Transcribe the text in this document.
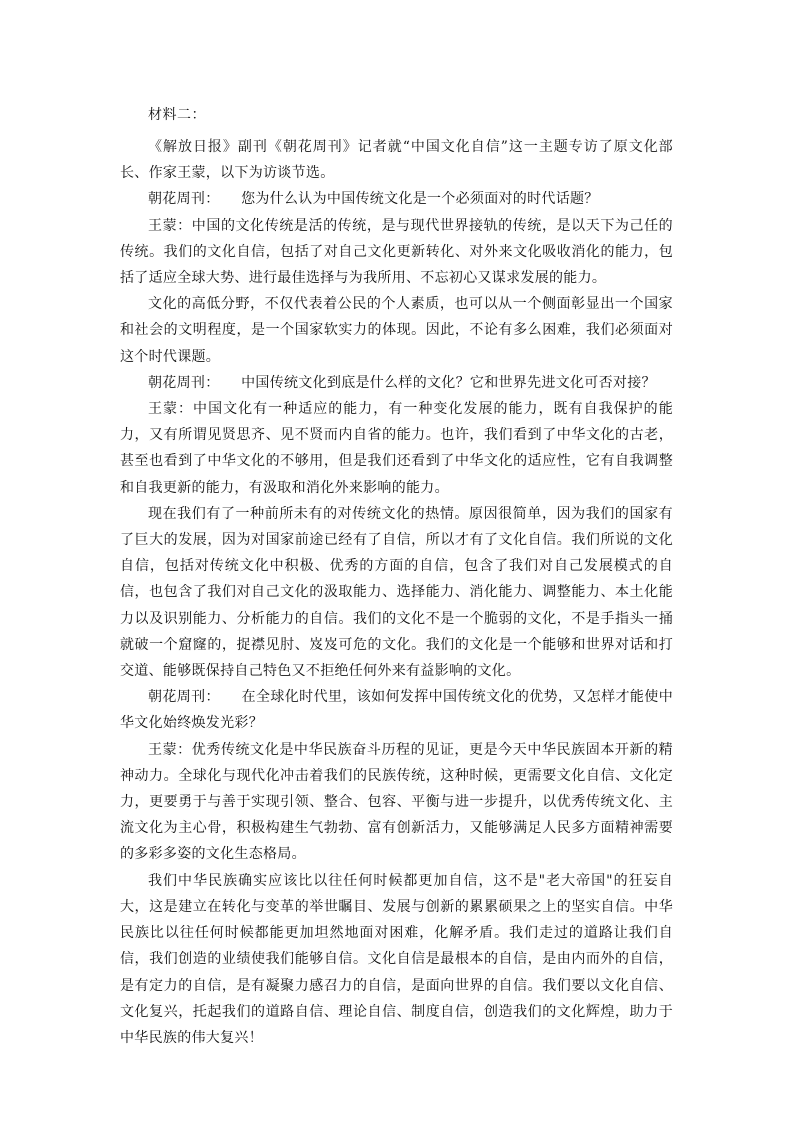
材料二：

《解放日报》副刊《朝花周刊》记者就“中国文化自信”这一主题专访了原文化部长、作家王蒙，以下为访谈节选。

朝花周刊：　　您为什么认为中国传统文化是一个必须面对的时代话题？

王蒙：中国的文化传统是活的传统，是与现代世界接轨的传统，是以天下为己任的传统。我们的文化自信，包括了对自己文化更新转化、对外来文化吸收消化的能力，包括了适应全球大势、进行最佳选择与为我所用、不忘初心又谋求发展的能力。

文化的高低分野，不仅代表着公民的个人素质，也可以从一个侧面彰显出一个国家和社会的文明程度，是一个国家软实力的体现。因此，不论有多么困难，我们必须面对这个时代课题。

朝花周刊：　　中国传统文化到底是什么样的文化？它和世界先进文化可否对接？

王蒙：中国文化有一种适应的能力，有一种变化发展的能力，既有自我保护的能力，又有所谓见贤思齐、见不贤而内自省的能力。也许，我们看到了中华文化的古老，甚至也看到了中华文化的不够用，但是我们还看到了中华文化的适应性，它有自我调整和自我更新的能力，有汲取和消化外来影响的能力。

现在我们有了一种前所未有的对传统文化的热情。原因很简单，因为我们的国家有了巨大的发展，因为对国家前途已经有了自信，所以才有了文化自信。我们所说的文化自信，包括对传统文化中积极、优秀的方面的自信，包含了我们对自己发展模式的自信，也包含了我们对自己文化的汲取能力、选择能力、消化能力、调整能力、本土化能力以及识别能力、分析能力的自信。我们的文化不是一个脆弱的文化，不是手指头一捅就破一个窟窿的，捉襟见肘、岌岌可危的文化。我们的文化是一个能够和世界对话和打交道、能够既保持自己特色又不拒绝任何外来有益影响的文化。

朝花周刊：　　在全球化时代里，该如何发挥中国传统文化的优势，又怎样才能使中华文化始终焕发光彩？

王蒙：优秀传统文化是中华民族奋斗历程的见证，更是今天中华民族固本开新的精神动力。全球化与现代化冲击着我们的民族传统，这种时候，更需要文化自信、文化定力，更要勇于与善于实现引领、整合、包容、平衡与进一步提升，以优秀传统文化、主流文化为主心骨，积极构建生气勃勃、富有创新活力，又能够满足人民多方面精神需要的多彩多姿的文化生态格局。

我们中华民族确实应该比以往任何时候都更加自信，这不是"老大帝国"的狂妄自大，这是建立在转化与变革的举世瞩目、发展与创新的累累硕果之上的坚实自信。中华民族比以往任何时候都能更加坦然地面对困难，化解矛盾。我们走过的道路让我们自信，我们创造的业绩使我们能够自信。文化自信是最根本的自信，是由内而外的自信，是有定力的自信，是有凝聚力感召力的自信，是面向世界的自信。我们要以文化自信、文化复兴，托起我们的道路自信、理论自信、制度自信，创造我们的文化辉煌，助力于中华民族的伟大复兴！
